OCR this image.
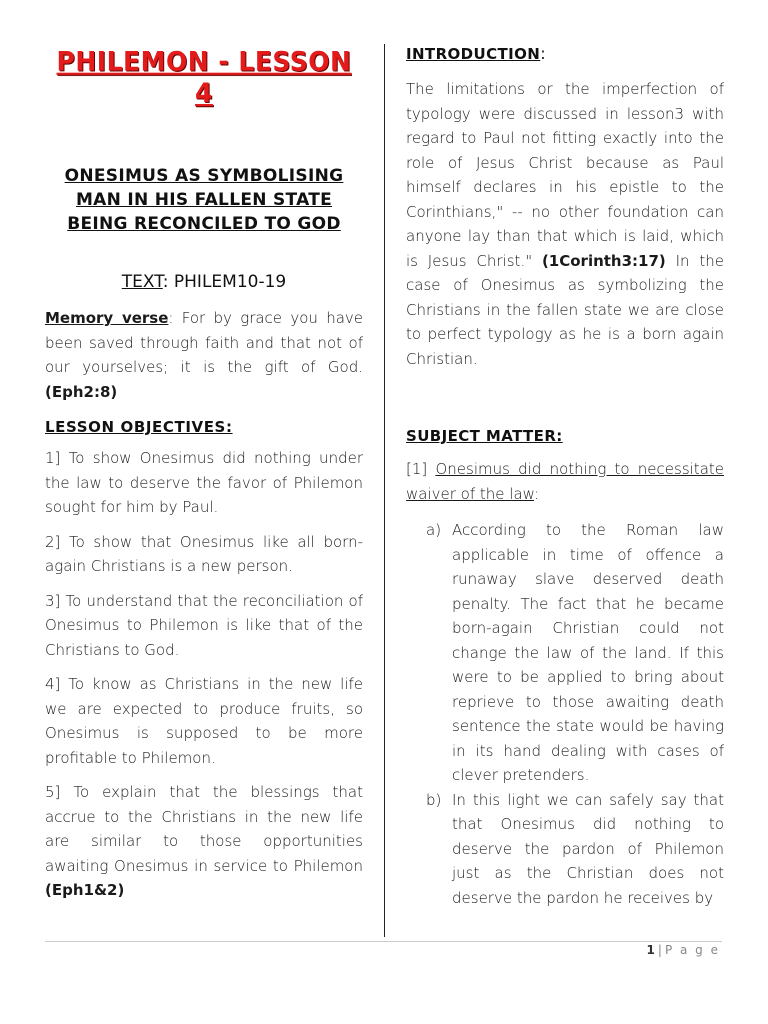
PHILEMON - LESSON 4
ONESIMUS AS SYMBOLISING
MAN IN HIS FALLEN STATE
BEING RECONCILED TO GOD
TEXT: PHILEM10-19

Memory verse: For by grace you have been saved through faith and that not of our yourselves; it is the gift of God. (Eph2:8)

LESSON OBJECTIVES:

1] To show Onesimus did nothing under the law to deserve the favor of Philemon sought for him by Paul.

2] To show that Onesimus like all born-again Christians is a new person.

3] To understand that the reconciliation of Onesimus to Philemon is like that of the Christians to God.

4] To know as Christians in the new life we are expected to produce fruits, so Onesimus is supposed to be more profitable to Philemon.

5] To explain that the blessings that accrue to the Christians in the new life are similar to those opportunities awaiting Onesimus in service to Philemon (Eph1&2)

INTRODUCTION:

The limitations or the imperfection of typology were discussed in lesson3 with regard to Paul not fitting exactly into the role of Jesus Christ because as Paul himself declares in his epistle to the Corinthians," -- no other foundation can anyone lay than that which is laid, which is Jesus Christ." (1Corinth3:17) In the case of Onesimus as symbolizing the Christians in the fallen state we are close to perfect typology as he is a born again Christian.

SUBJECT MATTER:

[1] Onesimus did nothing to necessitate waiver of the law:

a) According to the Roman law applicable in time of offence a runaway slave deserved death penalty. The fact that he became born-again Christian could not change the law of the land. If this were to be applied to bring about reprieve to those awaiting death sentence the state would be having in its hand dealing with cases of clever pretenders.

b) In this light we can safely say that that Onesimus did nothing to deserve the pardon of Philemon just as the Christian does not deserve the pardon he receives by

1 | P a g e
